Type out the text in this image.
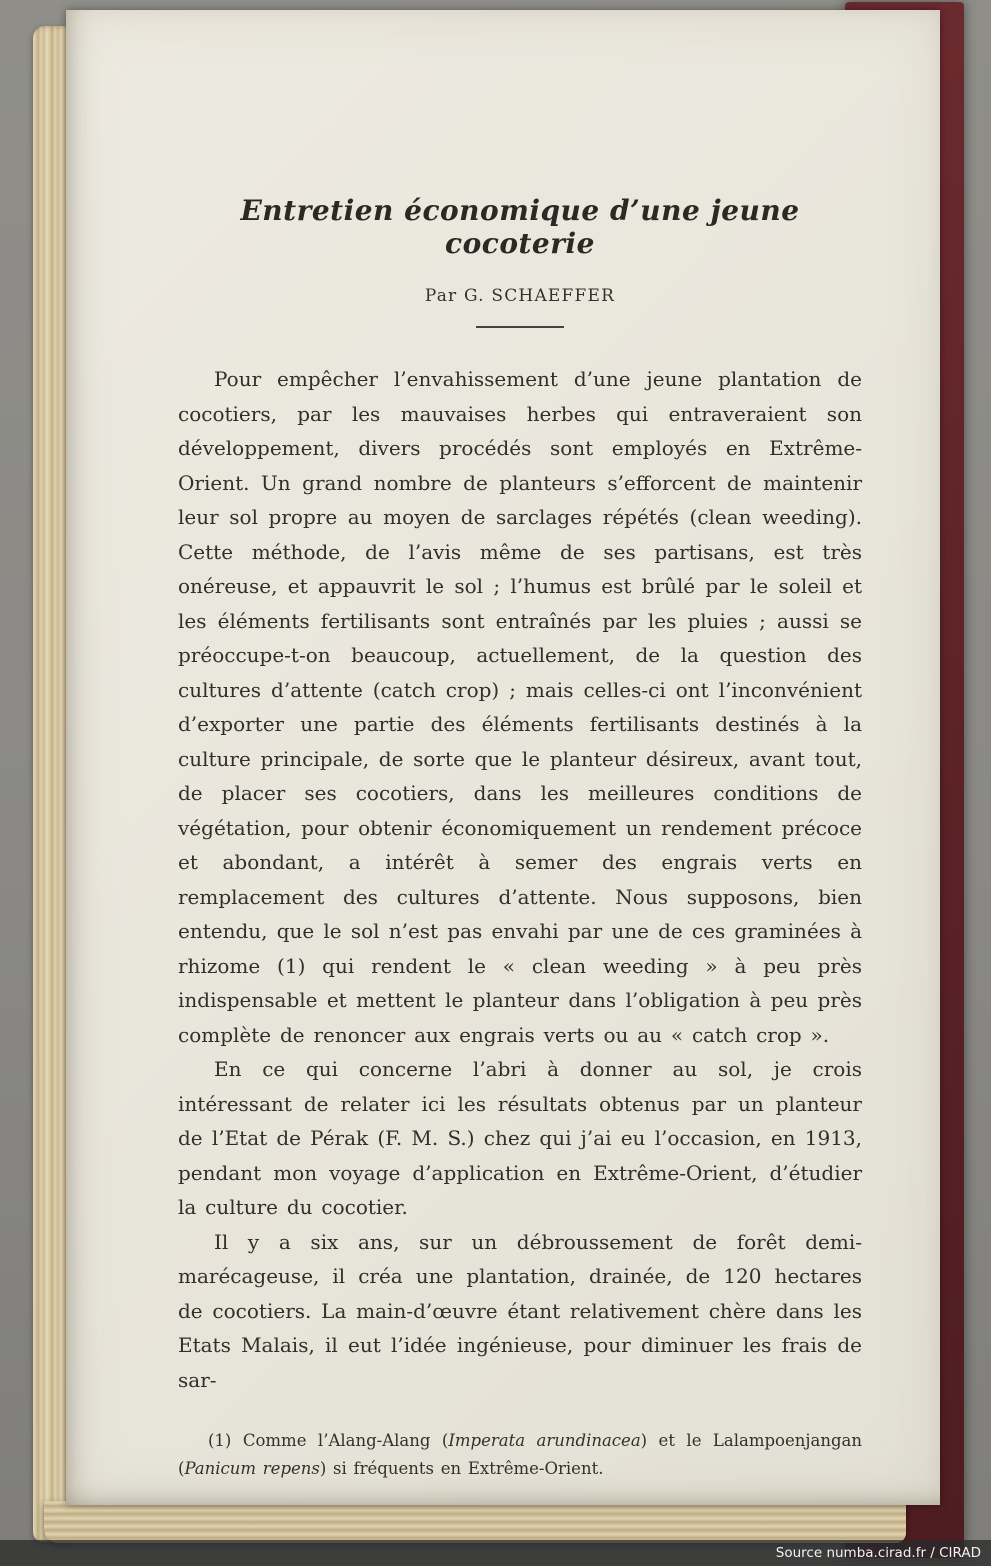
Entretien économique d’une jeune cocoterie
Par G. SCHAEFFER

Pour empêcher l’envahissement d’une jeune plantation de cocotiers, par les mauvaises herbes qui entraveraient son développement, divers procédés sont employés en Extrême-Orient. Un grand nombre de planteurs s’efforcent de maintenir leur sol propre au moyen de sarclages répétés (clean weeding). Cette méthode, de l’avis même de ses partisans, est très onéreuse, et appauvrit le sol ; l’humus est brûlé par le soleil et les éléments fertilisants sont entraînés par les pluies ; aussi se préoccupe-t-on beaucoup, actuellement, de la question des cultures d’attente (catch crop) ; mais celles-ci ont l’inconvénient d’exporter une partie des éléments fertilisants destinés à la culture principale, de sorte que le planteur désireux, avant tout, de placer ses cocotiers, dans les meilleures conditions de végétation, pour obtenir économiquement un rendement précoce et abondant, a intérêt à semer des engrais verts en remplacement des cultures d’attente. Nous supposons, bien entendu, que le sol n’est pas envahi par une de ces graminées à rhizome (1) qui rendent le « clean weeding » à peu près indispensable et mettent le planteur dans l’obligation à peu près complète de renoncer aux engrais verts ou au « catch crop ».

En ce qui concerne l’abri à donner au sol, je crois intéressant de relater ici les résultats obtenus par un planteur de l’Etat de Pérak (F. M. S.) chez qui j’ai eu l’occasion, en 1913, pendant mon voyage d’application en Extrême-Orient, d’étudier la culture du cocotier.

Il y a six ans, sur un débroussement de forêt demi-marécageuse, il créa une plantation, drainée, de 120 hectares de cocotiers. La main-d’œuvre étant relativement chère dans les Etats Malais, il eut l’idée ingénieuse, pour diminuer les frais de sar-

(1) Comme l’Alang-Alang (Imperata arundinacea) et le Lalampoenjangan (Panicum repens) si fréquents en Extrême-Orient.
Source numba.cirad.fr / CIRAD
